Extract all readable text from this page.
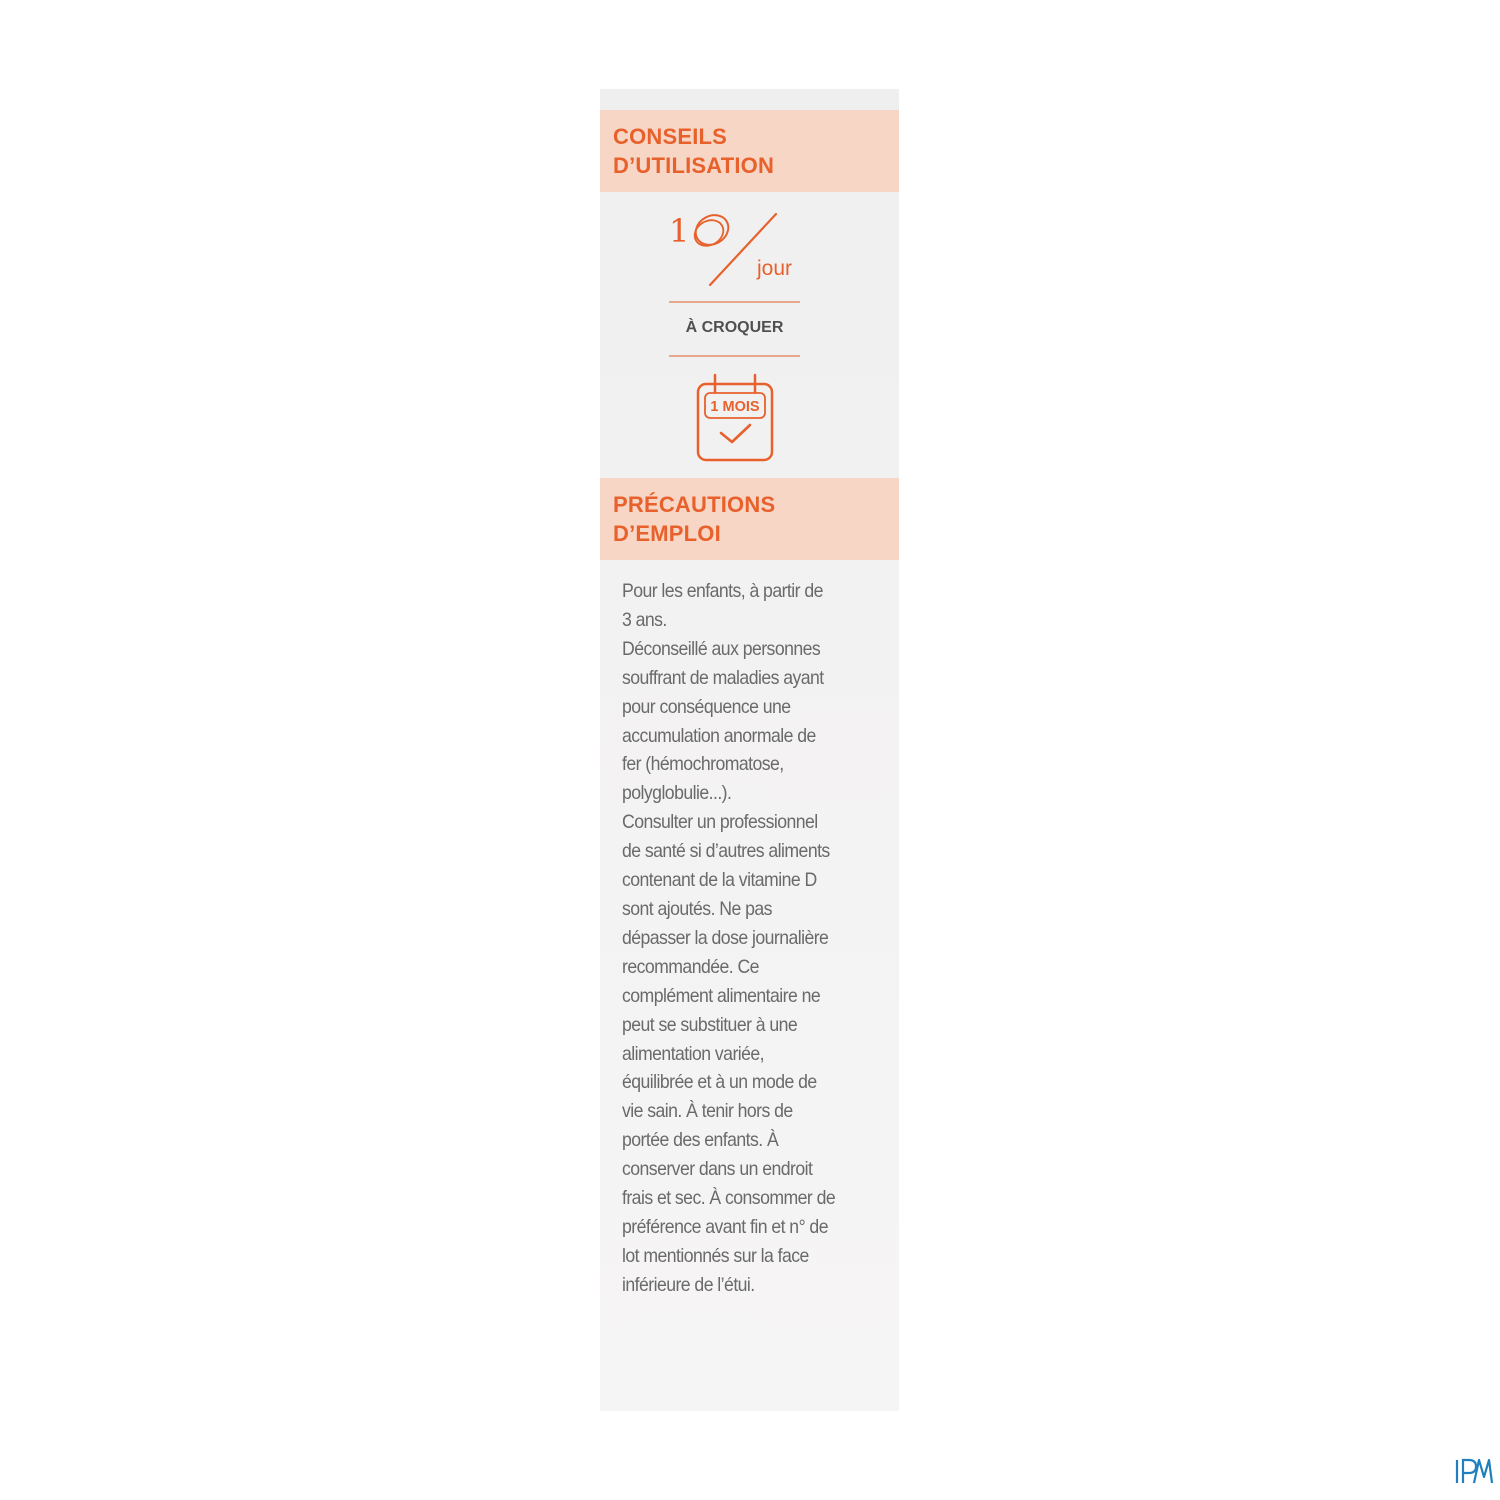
CONSEILS
D’UTILISATION
1
jour

À CROQUER

1 MOIS
PRÉCAUTIONS
D’EMPLOI

Pour les enfants, à partir de
3 ans.
Déconseillé aux personnes
souffrant de maladies ayant
pour conséquence une
accumulation anormale de
fer (hémochromatose,
polyglobulie...).
Consulter un professionnel
de santé si d’autres aliments
contenant de la vitamine D
sont ajoutés. Ne pas
dépasser la dose journalière
recommandée. Ce
complément alimentaire ne
peut se substituer à une
alimentation variée,
équilibrée et à un mode de
vie sain. À tenir hors de
portée des enfants. À
conserver dans un endroit
frais et sec. À consommer de
préférence avant fin et n° de
lot mentionnés sur la face
inférieure de l’étui.
